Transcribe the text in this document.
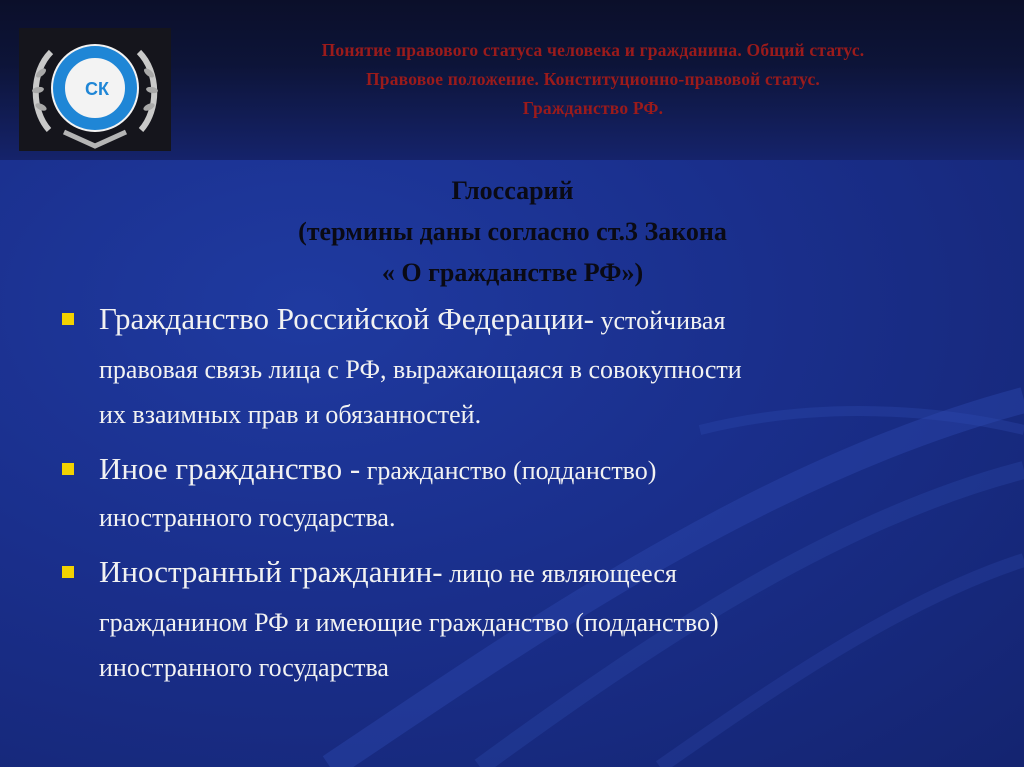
СК
Понятие правового статуса человека и гражданина. Общий статус.
Правовое положение. Конституционно-правовой статус.
Гражданство РФ.
Глоссарий
(термины даны согласно ст.3 Закона
« О гражданстве РФ»)
Гражданство Российской Федерации- устойчивая
правовая связь лица с РФ, выражающаяся в совокупности
их взаимных прав и обязанностей.
Иное гражданство - гражданство (подданство)
иностранного государства.
Иностранный гражданин- лицо не являющееся
гражданином РФ и имеющие гражданство (подданство)
иностранного государства
